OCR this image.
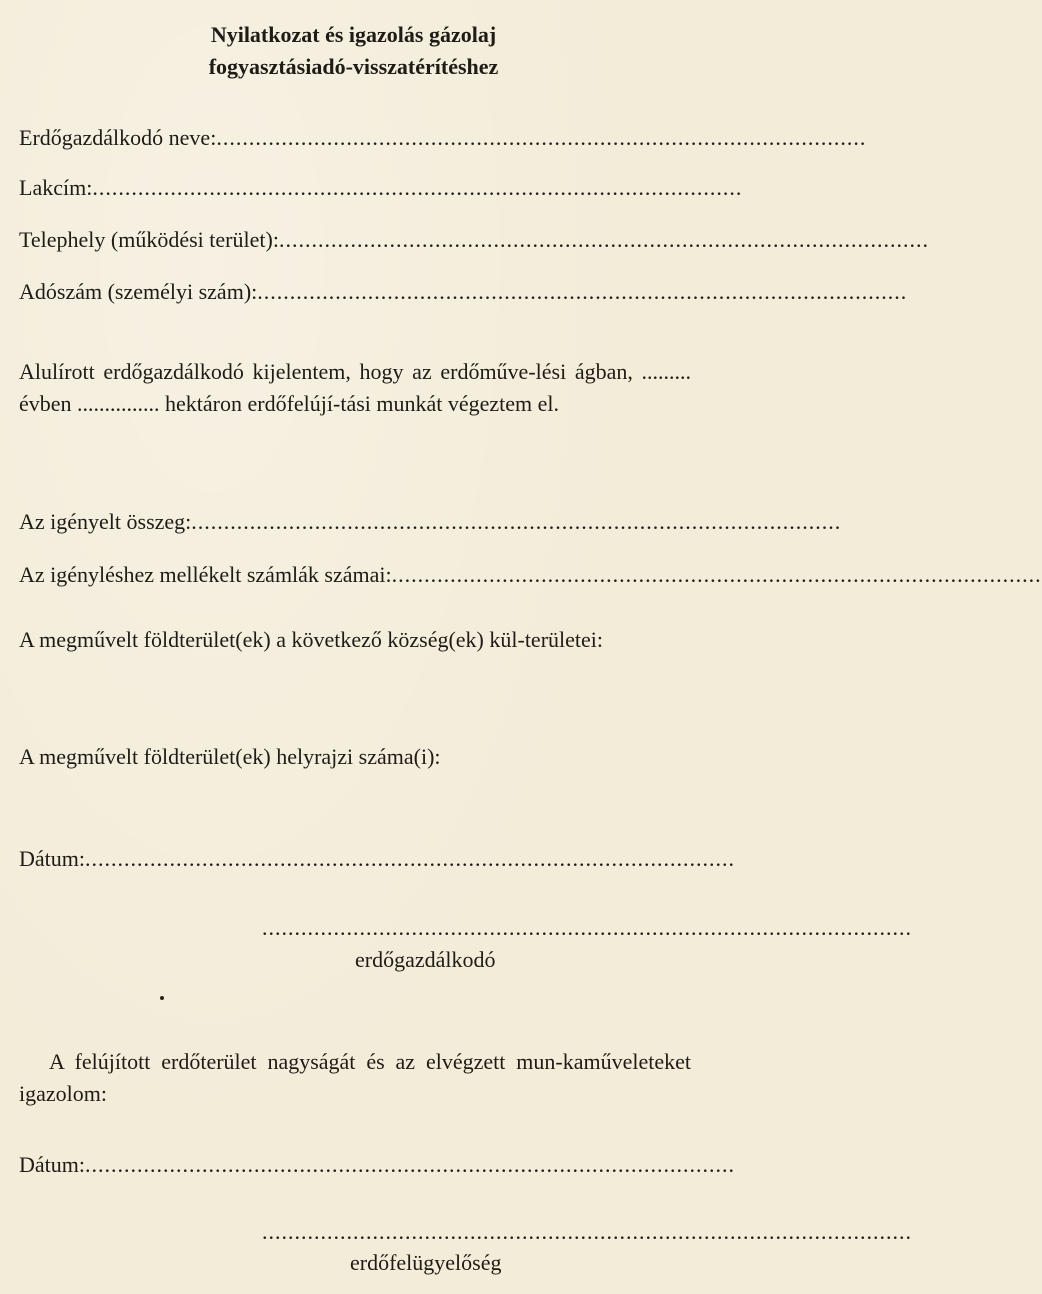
Nyilatkozat és igazolás gázolaj
fogyasztásiadó-visszatérítéshez
Erdőgazdálkodó neve:....................................................................................................
Lakcím:....................................................................................................
Telephely (működési terület):....................................................................................................
Adószám (személyi szám):....................................................................................................
Alulírott erdőgazdálkodó kijelentem, hogy az erdőműve-lési ágban, ......... évben ............... hektáron erdőfelújí-tási munkát végeztem el.
Az igényelt összeg:....................................................................................................
Az igényléshez mellékelt számlák számai:....................................................................................................
A megművelt földterület(ek) a következő község(ek) kül-területei:
A megművelt földterület(ek) helyrajzi száma(i):
Dátum:....................................................................................................
....................................................................................................
erdőgazdálkodó
A felújított erdőterület nagyságát és az elvégzett mun-kaműveleteket igazolom:
Dátum:....................................................................................................
....................................................................................................
erdőfelügyelőség
